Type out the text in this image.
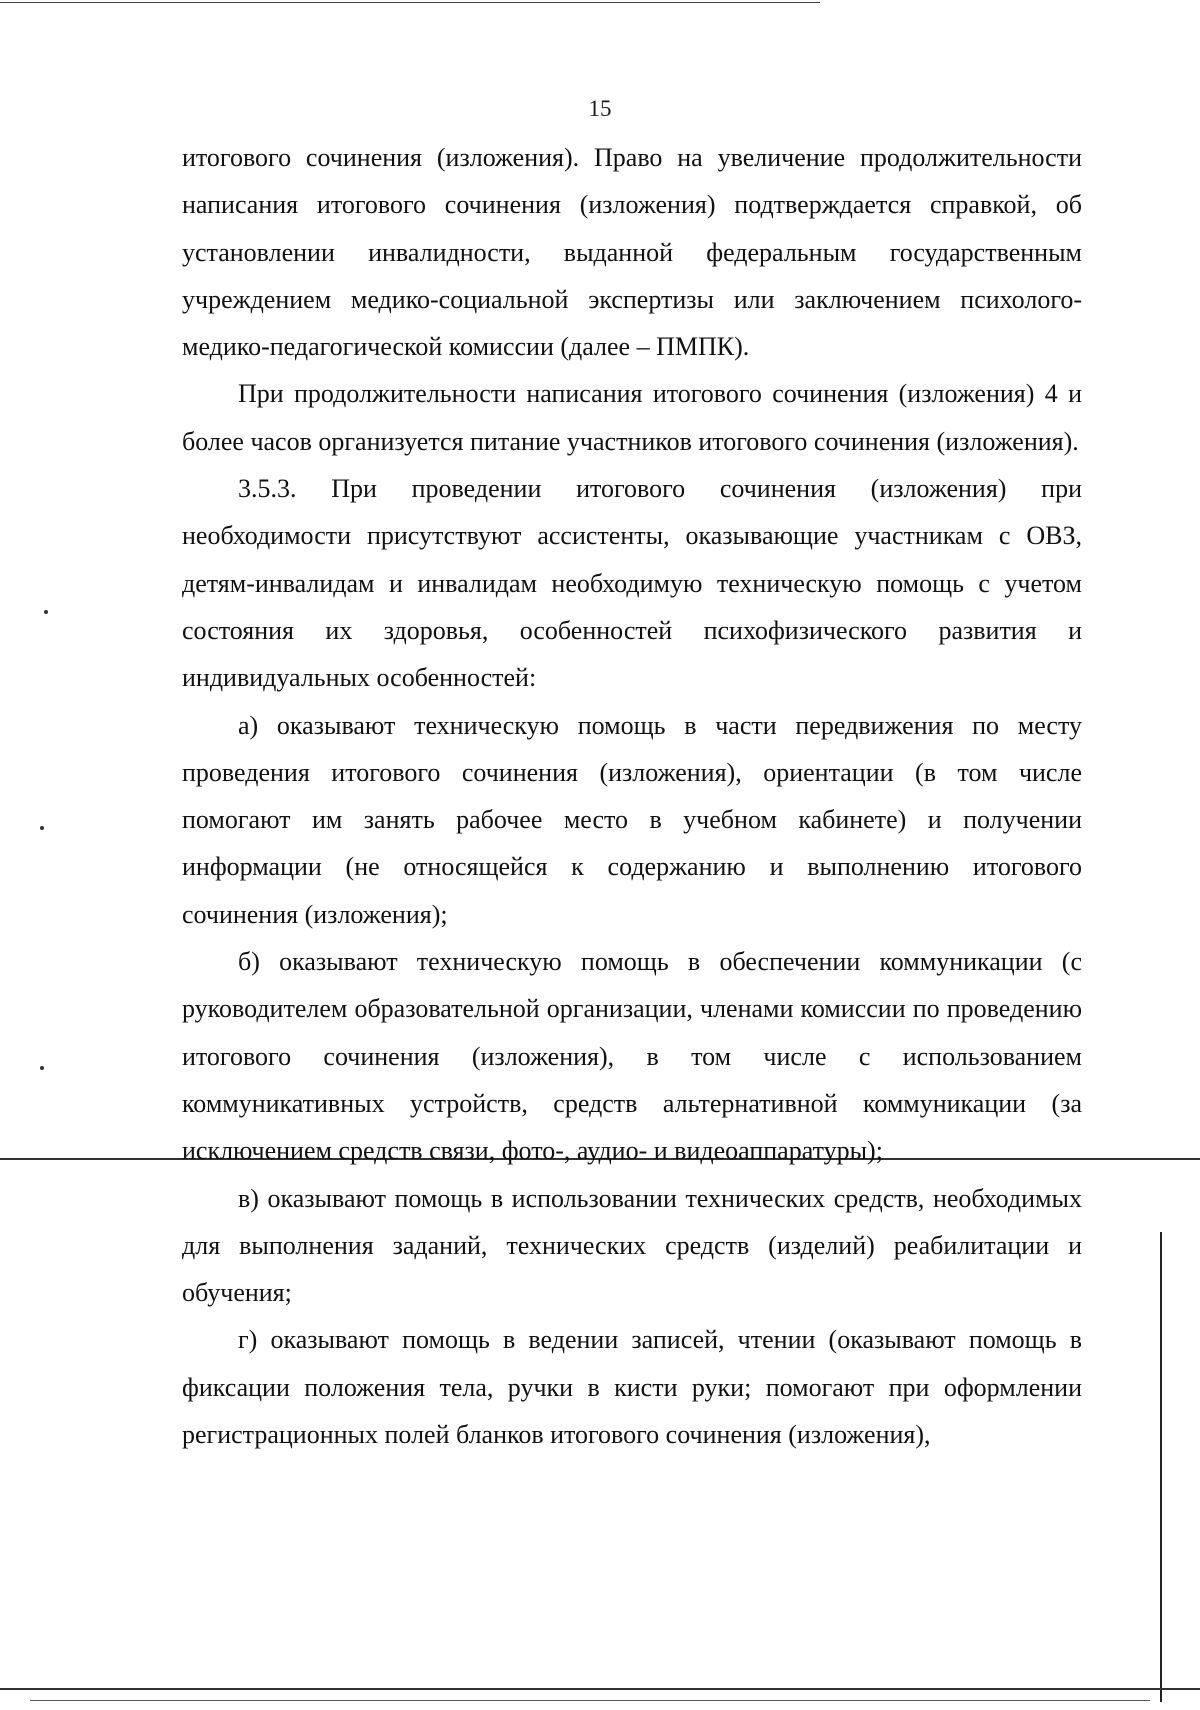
15

итогового сочинения (изложения). Право на увеличение продолжительности написания итогового сочинения (изложения) подтверждается справкой, об установлении инвалидности, выданной федеральным государственным учреждением медико-социальной экспертизы или заключением психолого-медико-педагогической комиссии (далее – ПМПК).

При продолжительности написания итогового сочинения (изложения) 4 и более часов организуется питание участников итогового сочинения (изложения).

3.5.3. При проведении итогового сочинения (изложения) при необходимости присутствуют ассистенты, оказывающие участникам с ОВЗ, детям-инвалидам и инвалидам необходимую техническую помощь с учетом состояния их здоровья, особенностей психофизического развития и индивидуальных особенностей:

а) оказывают техническую помощь в части передвижения по месту проведения итогового сочинения (изложения), ориентации (в том числе помогают им занять рабочее место в учебном кабинете) и получении информации (не относящейся к содержанию и выполнению итогового сочинения (изложения);

б) оказывают техническую помощь в обеспечении коммуникации (с руководителем образовательной организации, членами комиссии по проведению итогового сочинения (изложения), в том числе с использованием коммуникативных устройств, средств альтернативной коммуникации (за исключением средств связи, фото-, аудио- и видеоаппаратуры);

в) оказывают помощь в использовании технических средств, необходимых для выполнения заданий, технических средств (изделий) реабилитации и обучения;

г) оказывают помощь в ведении записей, чтении (оказывают помощь в фиксации положения тела, ручки в кисти руки; помогают при оформлении регистрационных полей бланков итогового сочинения (изложения),
